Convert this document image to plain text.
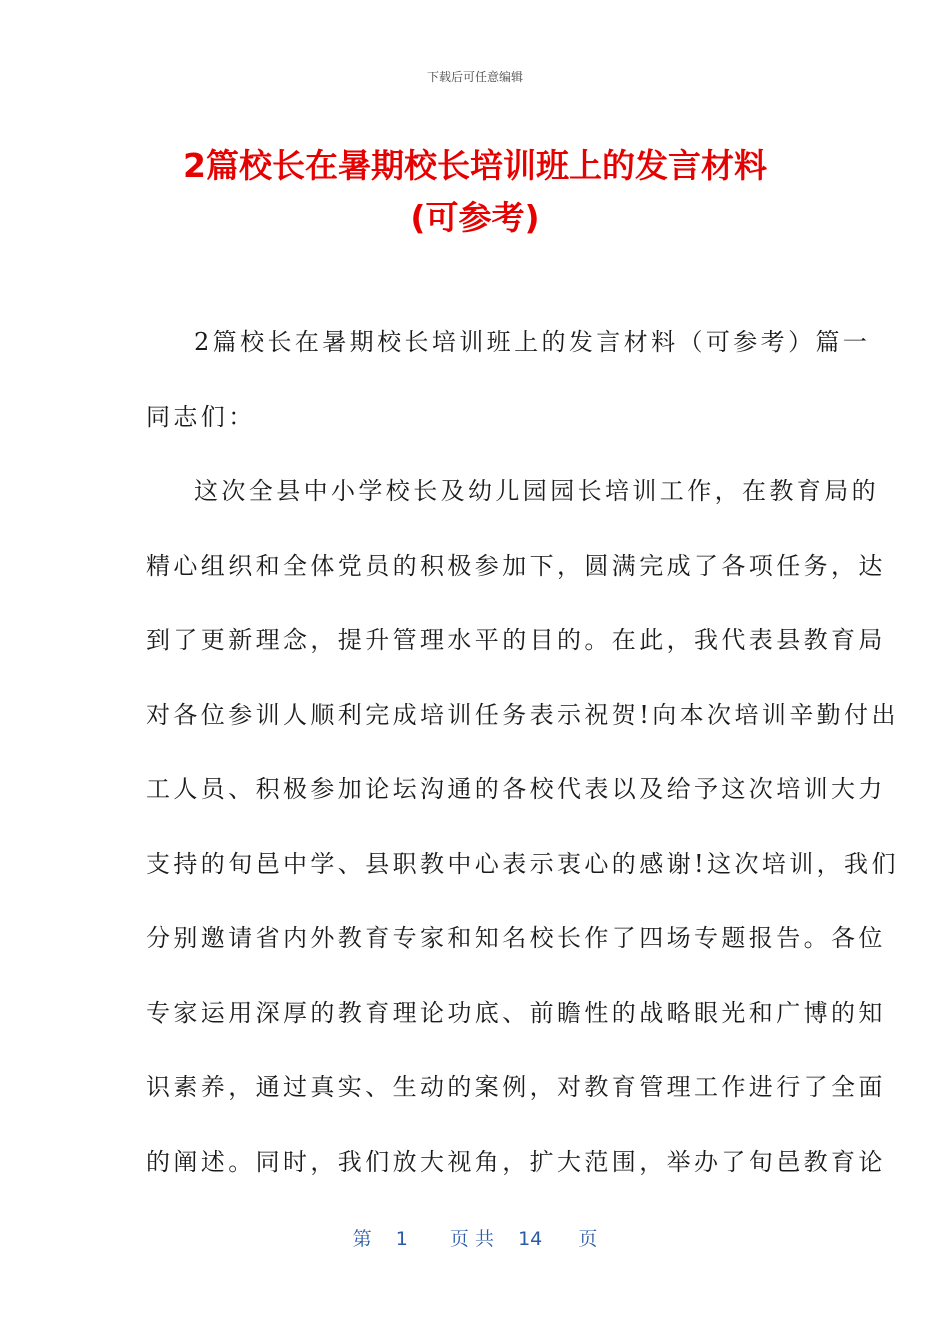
下载后可任意编辑
2篇校长在暑期校长培训班上的发言材料
(可参考)
2篇校长在暑期校长培训班上的发言材料（可参考）篇一
同志们：
这次全县中小学校长及幼儿园园长培训工作，在教育局的
精心组织和全体党员的积极参加下，圆满完成了各项任务，达
到了更新理念，提升管理水平的目的。在此，我代表县教育局
对各位参训人顺利完成培训任务表示祝贺!向本次培训辛勤付出
工人员、积极参加论坛沟通的各校代表以及给予这次培训大力
支持的旬邑中学、县职教中心表示衷心的感谢!这次培训，我们
分别邀请省内外教育专家和知名校长作了四场专题报告。各位
专家运用深厚的教育理论功底、前瞻性的战略眼光和广博的知
识素养，通过真实、生动的案例，对教育管理工作进行了全面
的阐述。同时，我们放大视角，扩大范围，举办了旬邑教育论
第 1 页 共 14 页
